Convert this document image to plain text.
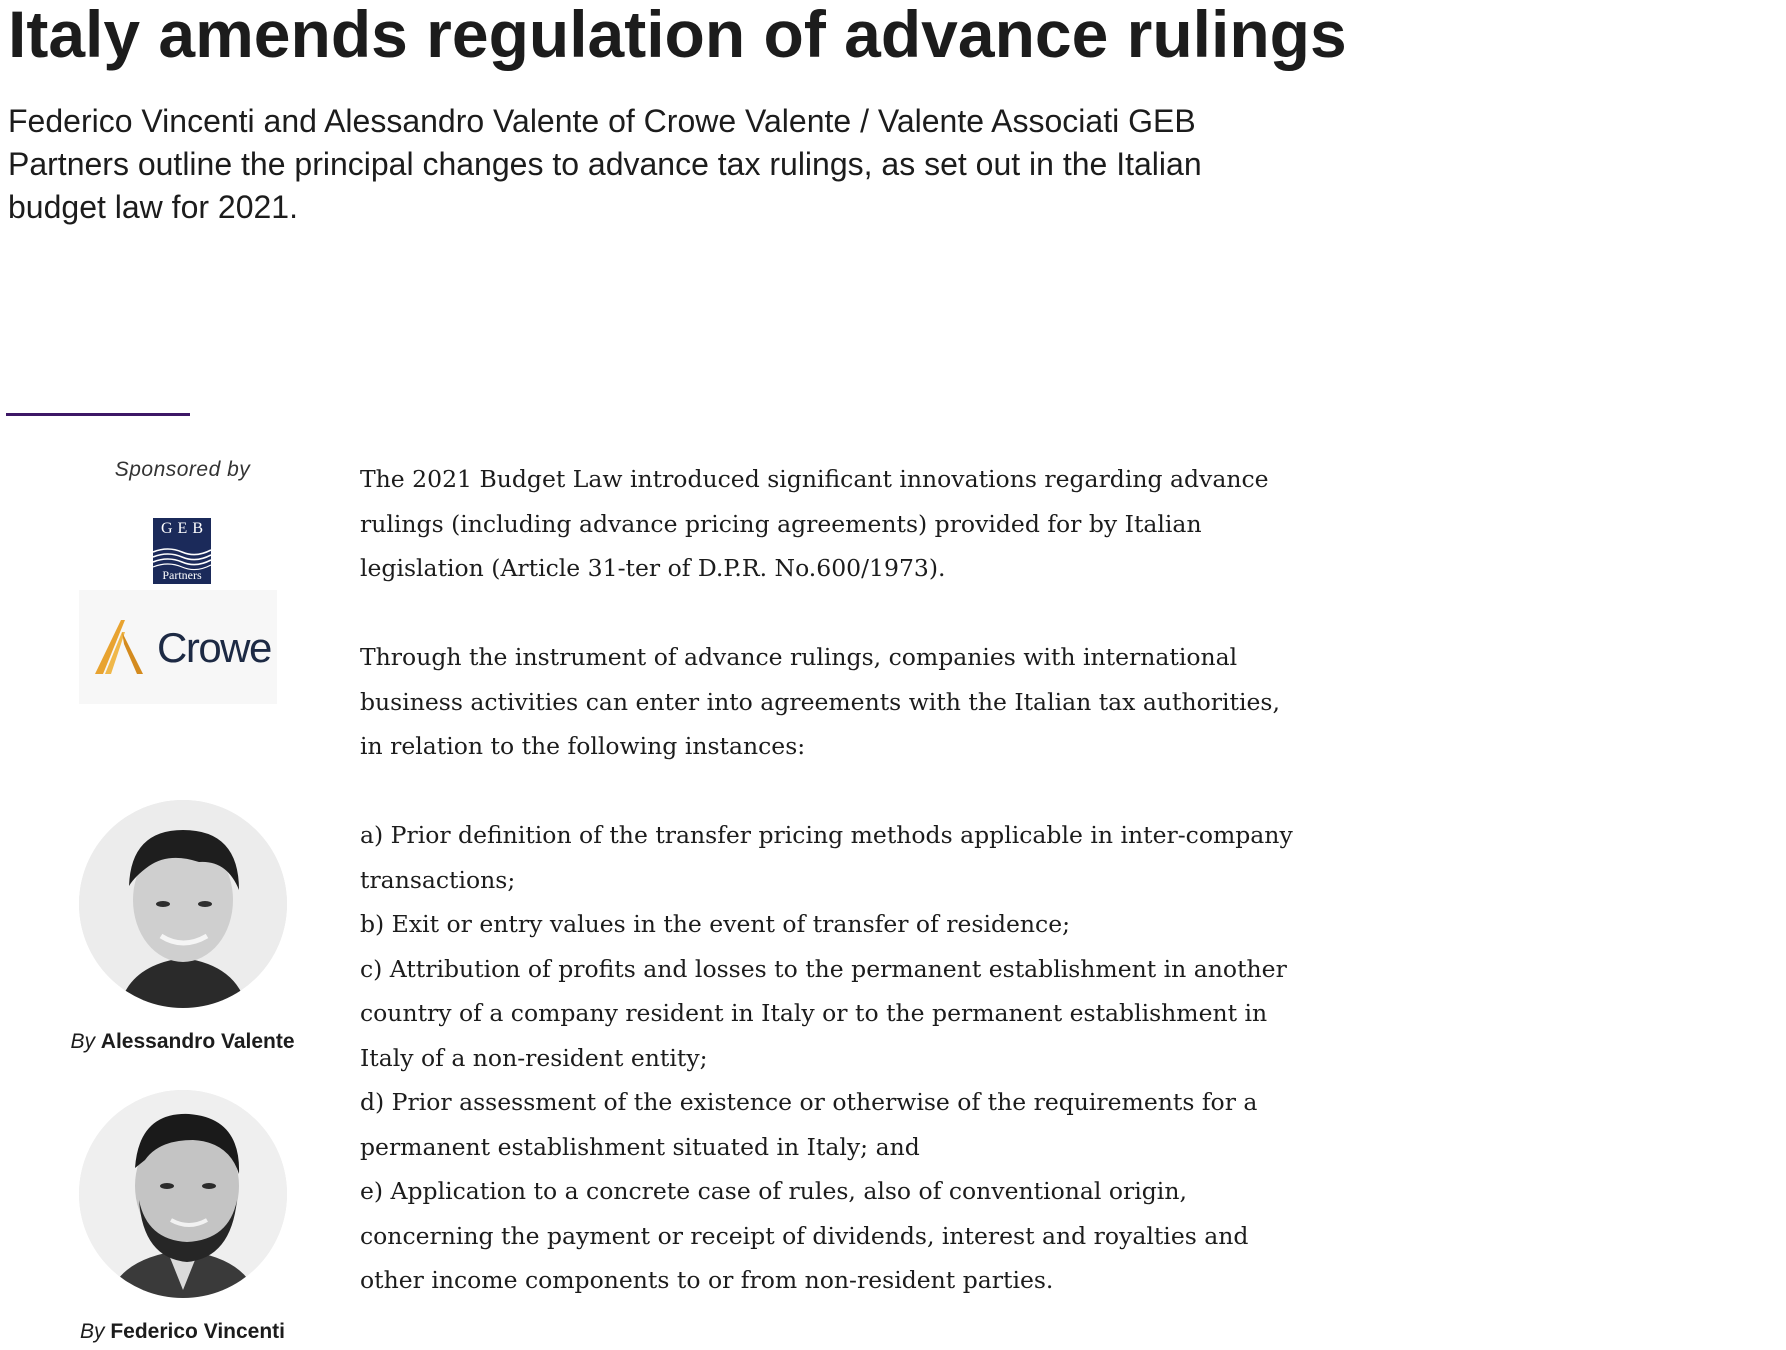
Italy amends regulation of advance rulings

Federico Vincenti and Alessandro Valente of Crowe Valente / Valente Associati GEB Partners outline the principal changes to advance tax rulings, as set out in the Italian budget law for 2021.

Sponsored by
GEB
Partners
Crowe
By Alessandro Valente
By Federico Vincenti

The 2021 Budget Law introduced significant innovations regarding advance rulings (including advance pricing agreements) provided for by Italian legislation (Article 31-ter of D.P.R. No.600/1973).

Through the instrument of advance rulings, companies with international business activities can enter into agreements with the Italian tax authorities, in relation to the following instances:

a) Prior definition of the transfer pricing methods applicable in inter-company transactions;
b) Exit or entry values in the event of transfer of residence;
c) Attribution of profits and losses to the permanent establishment in another country of a company resident in Italy or to the permanent establishment in Italy of a non-resident entity;
d) Prior assessment of the existence or otherwise of the requirements for a permanent establishment situated in Italy; and
e) Application to a concrete case of rules, also of conventional origin, concerning the payment or receipt of dividends, interest and royalties and other income components to or from non-resident parties.
